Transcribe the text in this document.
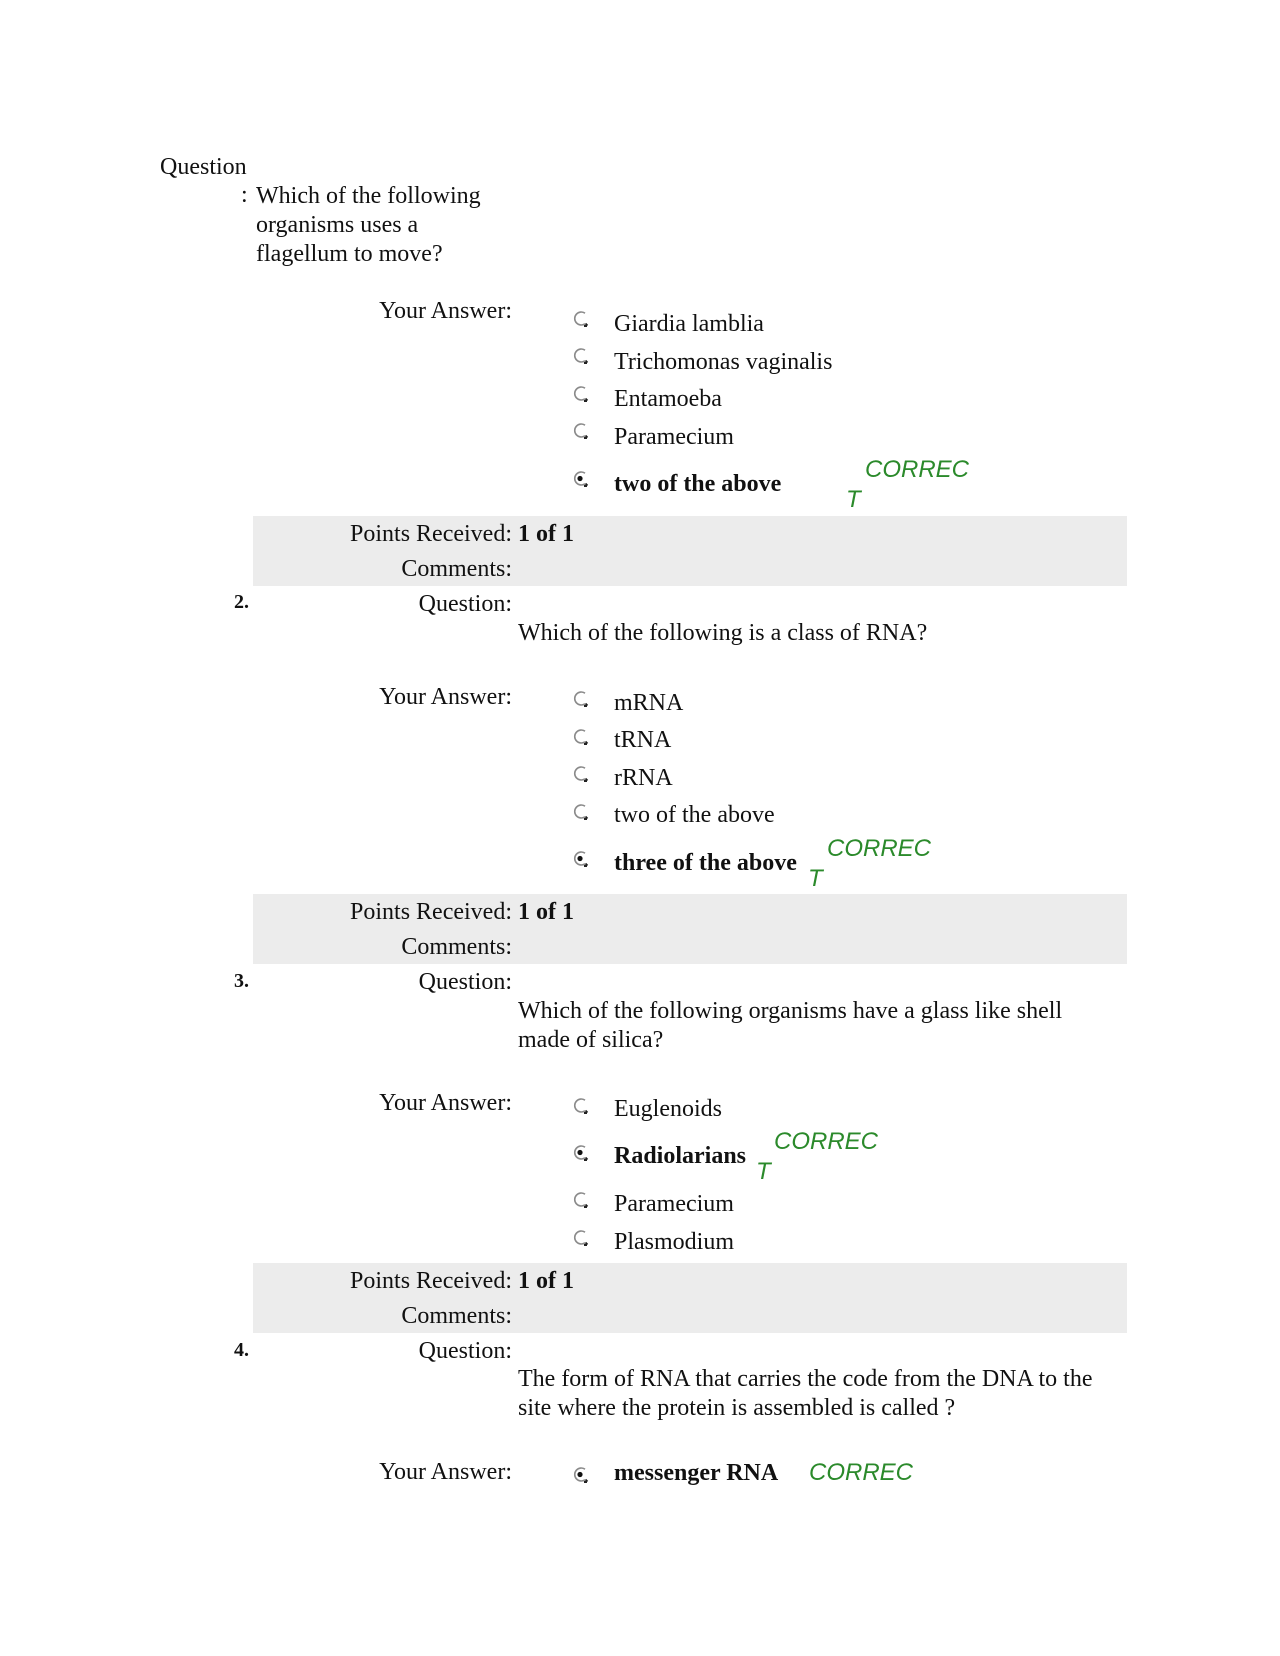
Question
: Which of the following organisms uses a flagellum to move?
Your Answer:	Giardia lamblia
Trichomonas vaginalis
Entamoeba
Paramecium
two of the above
CORREC
T
Points Received: 1 of 1
Comments:
2.	Question:
Which of the following is a class of RNA?
Your Answer:	mRNA
tRNA
rRNA
two of the above
three of the above
CORREC
T
Points Received: 1 of 1
Comments:
3.	Question:
Which of the following organisms have a glass like shell made of silica?
Your Answer:	Euglenoids
Radiolarians
CORREC
T
Paramecium
Plasmodium
Points Received: 1 of 1
Comments:
4.	Question:
The form of RNA that carries the code from the DNA to the site where the protein is assembled is called ?
Your Answer:	messenger RNA CORREC
